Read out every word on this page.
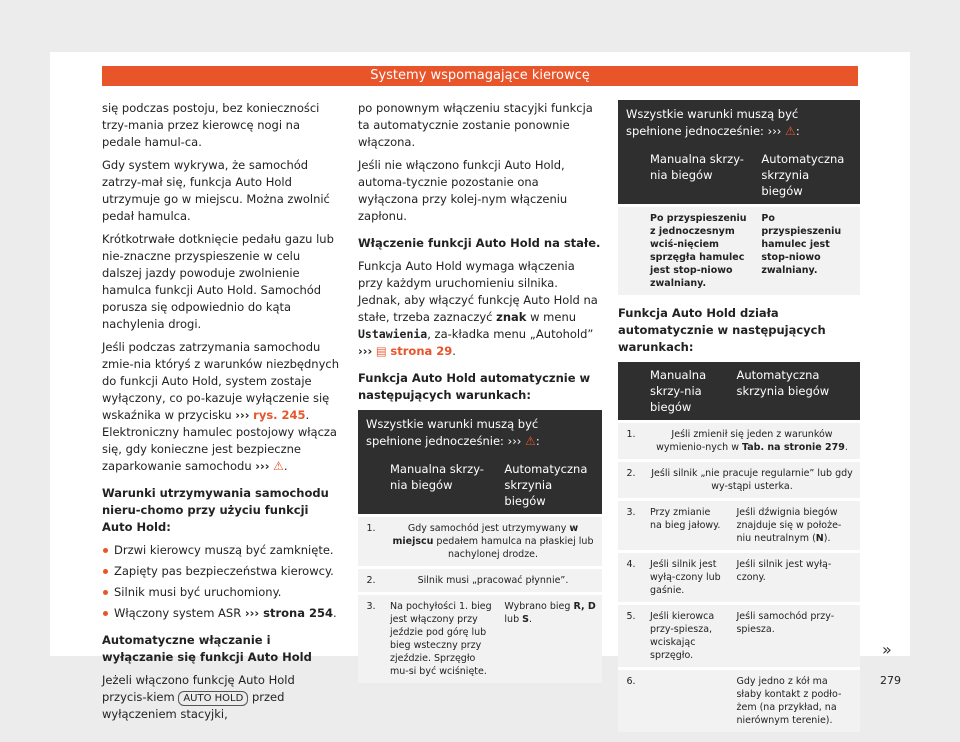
Systemy wspomagające kierowcę

się podczas postoju, bez konieczności trzy-mania przez kierowcę nogi na pedale hamul-ca.

Gdy system wykrywa, że samochód zatrzy-mał się, funkcja Auto Hold utrzymuje go w miejscu. Można zwolnić pedał hamulca.

Krótkotrwałe dotknięcie pedału gazu lub nie-znaczne przyspieszenie w celu dalszej jazdy powoduje zwolnienie hamulca funkcji Auto Hold. Samochód porusza się odpowiednio do kąta nachylenia drogi.

Jeśli podczas zatrzymania samochodu zmie-nia któryś z warunków niezbędnych do funkcji Auto Hold, system zostaje wyłączony, co po-kazuje wyłączenie się wskaźnika w przycisku ››› rys. 245. Elektroniczny hamulec postojowy włącza się, gdy konieczne jest bezpieczne zaparkowanie samochodu ››› ⚠.

Warunki utrzymywania samochodu nieru-chomo przy użyciu funkcji Auto Hold:
Drzwi kierowcy muszą być zamknięte.
Zapięty pas bezpieczeństwa kierowcy.
Silnik musi być uruchomiony.
Włączony system ASR ››› strona 254.
Automatyczne włączanie i wyłączanie się funkcji Auto Hold

Jeżeli włączono funkcję Auto Hold przycis-kiem AUTO HOLD przed wyłączeniem stacyjki,

po ponownym włączeniu stacyjki funkcja ta automatycznie zostanie ponownie włączona.

Jeśli nie włączono funkcji Auto Hold, automa-tycznie pozostanie ona wyłączona przy kolej-nym włączeniu zapłonu.

Włączenie funkcji Auto Hold na stałe.

Funkcja Auto Hold wymaga włączenia przy każdym uruchomieniu silnika. Jednak, aby włączyć funkcję Auto Hold na stałe, trzeba zaznaczyć znak w menu Ustawienia, za-kładka menu „Autohold” ››› ▤ strona 29.

Funkcja Auto Hold automatycznie w następujących warunkach:
Wszystkie warunki muszą być spełnione jednocześnie: ››› ⚠:
	Manualna skrzy-nia biegów	Automatyczna skrzynia biegów
1.	Gdy samochód jest utrzymywany w miejscu pedałem hamulca na płaskiej lub nachylonej drodze.	
2.	Silnik musi „pracować płynnie”.	
3.	Na pochyłości 1. bieg jest włączony przy jeździe pod górę lub bieg wsteczny przy zjeździe. Sprzęgło mu-si być wciśnięte.	Wybrano bieg R, D lub S.
Wszystkie warunki muszą być spełnione jednocześnie: ››› ⚠:
	Manualna skrzy-nia biegów	Automatyczna skrzynia biegów
	Po przyspieszeniu z jednoczesnym wciś-nięciem sprzęgła hamulec jest stop-niowo zwalniany.	Po przyspieszeniu hamulec jest stop-niowo zwalniany.
Funkcja Auto Hold działa automatycznie w następujących warunkach:
	Manualna skrzy-nia biegów	Automatyczna skrzynia biegów
1.	Jeśli zmienił się jeden z warunków wymienio-nych w Tab. na stronie 279.	
2.	Jeśli silnik „nie pracuje regularnie” lub gdy wy-stąpi usterka.	
3.	Przy zmianie na bieg jałowy.	Jeśli dźwignia biegów znajduje się w położe-niu neutralnym (N).
4.	Jeśli silnik jest wyłą-czony lub gaśnie.	Jeśli silnik jest wyłą-czony.
5.	Jeśli kierowca przy-spiesza, wciskając sprzęgło.	Jeśli samochód przy-spiesza.
6.		Gdy jedno z kół ma słaby kontakt z podło-żem (na przykład, na nierównym terenie).
»
279
